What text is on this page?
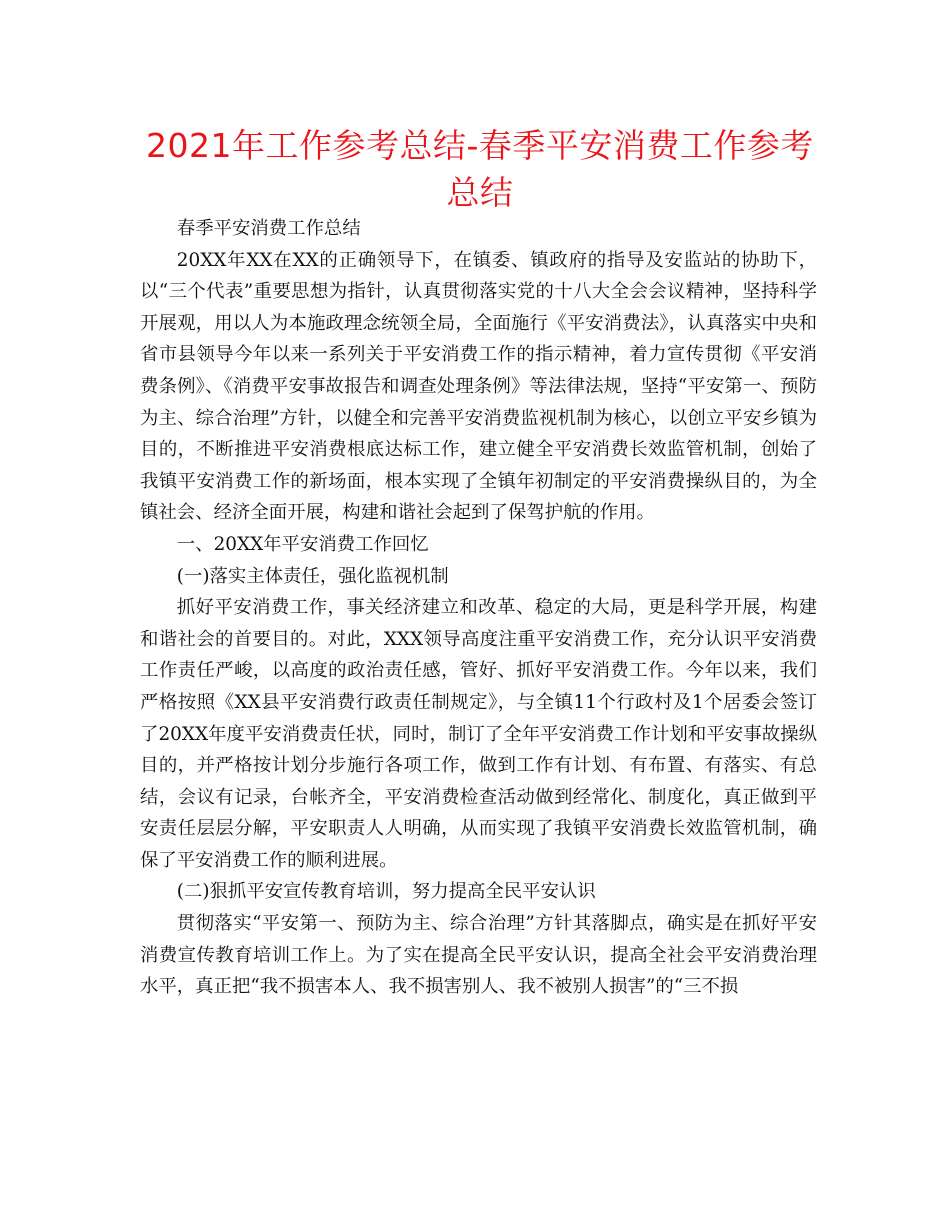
2021年工作参考总结-春季平安消费工作参考总结

春季平安消费工作总结

20XX年XX在XX的正确领导下，在镇委、镇政府的指导及安监站的协助下，以“三个代表”重要思想为指针，认真贯彻落实党的十八大全会会议精神，坚持科学开展观，用以人为本施政理念统领全局，全面施行《平安消费法》，认真落实中央和省市县领导今年以来一系列关于平安消费工作的指示精神，着力宣传贯彻《平安消费条例》、《消费平安事故报告和调查处理条例》等法律法规，坚持“平安第一、预防为主、综合治理”方针，以健全和完善平安消费监视机制为核心，以创立平安乡镇为目的，不断推进平安消费根底达标工作，建立健全平安消费长效监管机制，创始了我镇平安消费工作的新场面，根本实现了全镇年初制定的平安消费操纵目的，为全镇社会、经济全面开展，构建和谐社会起到了保驾护航的作用。

一、20XX年平安消费工作回忆

(一)落实主体责任，强化监视机制

抓好平安消费工作，事关经济建立和改革、稳定的大局，更是科学开展，构建和谐社会的首要目的。对此，XXX领导高度注重平安消费工作，充分认识平安消费工作责任严峻，以高度的政治责任感，管好、抓好平安消费工作。今年以来，我们严格按照《XX县平安消费行政责任制规定》，与全镇11个行政村及1个居委会签订了20XX年度平安消费责任状，同时，制订了全年平安消费工作计划和平安事故操纵目的，并严格按计划分步施行各项工作，做到工作有计划、有布置、有落实、有总结，会议有记录，台帐齐全，平安消费检查活动做到经常化、制度化，真正做到平安责任层层分解，平安职责人人明确，从而实现了我镇平安消费长效监管机制，确保了平安消费工作的顺利进展。

(二)狠抓平安宣传教育培训，努力提高全民平安认识

贯彻落实“平安第一、预防为主、综合治理”方针其落脚点，确实是在抓好平安消费宣传教育培训工作上。为了实在提高全民平安认识，提高全社会平安消费治理水平，真正把“我不损害本人、我不损害别人、我不被别人损害”的“三不损
